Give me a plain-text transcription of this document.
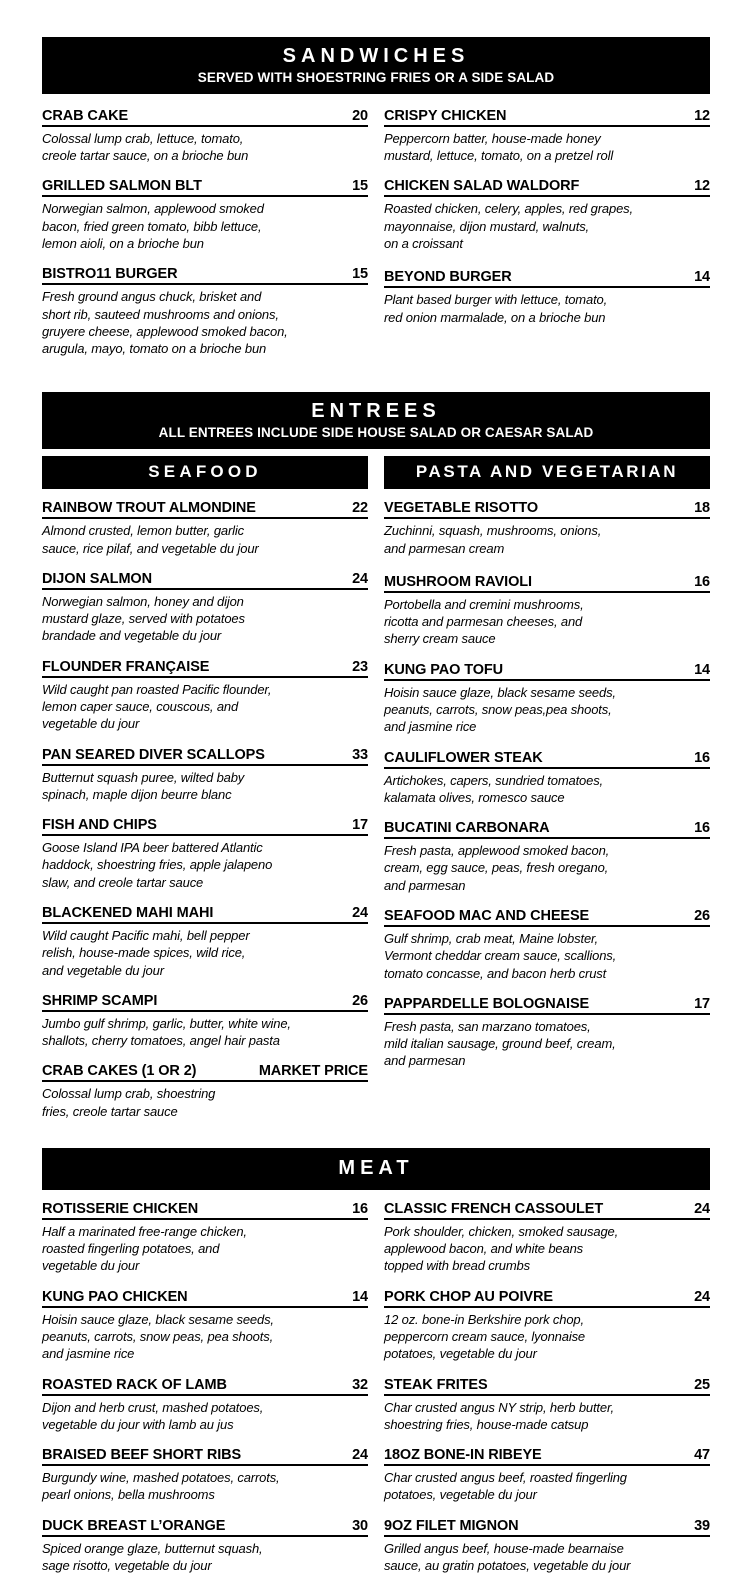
SANDWICHES
SERVED WITH SHOESTRING FRIES OR A SIDE SALAD
CRAB CAKE	20
Colossal lump crab, lettuce, tomato,
creole tartar sauce, on a brioche bun
GRILLED SALMON BLT	15
Norwegian salmon, applewood smoked
bacon, fried green tomato, bibb lettuce,
lemon aioli, on a brioche bun
BISTRO11 BURGER	15
Fresh ground angus chuck, brisket and
short rib, sauteed mushrooms and onions,
gruyere cheese, applewood smoked bacon,
arugula, mayo, tomato on a brioche bun
CRISPY CHICKEN	12
Peppercorn batter, house-made honey
mustard, lettuce, tomato, on a pretzel roll
CHICKEN SALAD WALDORF	12
Roasted chicken, celery, apples, red grapes,
mayonnaise, dijon mustard, walnuts,
on a croissant
BEYOND BURGER	14
Plant based burger with lettuce, tomato,
red onion marmalade, on a brioche bun
ENTREES
ALL ENTREES INCLUDE SIDE HOUSE SALAD OR CAESAR SALAD
SEAFOOD	PASTA AND VEGETARIAN
RAINBOW TROUT ALMONDINE	22
Almond crusted, lemon butter, garlic
sauce, rice pilaf, and vegetable du jour
DIJON SALMON	24
Norwegian salmon, honey and dijon
mustard glaze, served with potatoes
brandade and vegetable du jour
FLOUNDER FRANÇAISE	23
Wild caught pan roasted Pacific flounder,
lemon caper sauce, couscous, and
vegetable du jour
PAN SEARED DIVER SCALLOPS	33
Butternut squash puree, wilted baby
spinach, maple dijon beurre blanc
FISH AND CHIPS	17
Goose Island IPA beer battered Atlantic
haddock, shoestring fries, apple jalapeno
slaw, and creole tartar sauce
BLACKENED MAHI MAHI	24
Wild caught Pacific mahi, bell pepper
relish, house-made spices, wild rice,
and vegetable du jour
SHRIMP SCAMPI	26
Jumbo gulf shrimp, garlic, butter, white wine,
shallots, cherry tomatoes, angel hair pasta
CRAB CAKES (1 OR 2)	MARKET PRICE
Colossal lump crab, shoestring
fries, creole tartar sauce
VEGETABLE RISOTTO	18
Zuchinni, squash, mushrooms, onions,
and parmesan cream
MUSHROOM RAVIOLI	16
Portobella and cremini mushrooms,
ricotta and parmesan cheeses, and
sherry cream sauce
KUNG PAO TOFU	14
Hoisin sauce glaze, black sesame seeds,
peanuts, carrots, snow peas,pea shoots,
and jasmine rice
CAULIFLOWER STEAK	16
Artichokes, capers, sundried tomatoes,
kalamata olives, romesco sauce
BUCATINI CARBONARA	16
Fresh pasta, applewood smoked bacon,
cream, egg sauce, peas, fresh oregano,
and parmesan
SEAFOOD MAC AND CHEESE	26
Gulf shrimp, crab meat, Maine lobster,
Vermont cheddar cream sauce, scallions,
tomato concasse, and bacon herb crust
PAPPARDELLE BOLOGNAISE	17
Fresh pasta, san marzano tomatoes,
mild italian sausage, ground beef, cream,
and parmesan
MEAT
ROTISSERIE CHICKEN	16
Half a marinated free-range chicken,
roasted fingerling potatoes, and
vegetable du jour
KUNG PAO CHICKEN	14
Hoisin sauce glaze, black sesame seeds,
peanuts, carrots, snow peas, pea shoots,
and jasmine rice
ROASTED RACK OF LAMB	32
Dijon and herb crust, mashed potatoes,
vegetable du jour with lamb au jus
BRAISED BEEF SHORT RIBS	24
Burgundy wine, mashed potatoes, carrots,
pearl onions, bella mushrooms
DUCK BREAST L’ORANGE	30
Spiced orange glaze, butternut squash,
sage risotto, vegetable du jour
CLASSIC FRENCH CASSOULET	24
Pork shoulder, chicken, smoked sausage,
applewood bacon, and white beans
topped with bread crumbs
PORK CHOP AU POIVRE	24
12 oz. bone-in Berkshire pork chop,
peppercorn cream sauce, lyonnaise
potatoes, vegetable du jour
STEAK FRITES	25
Char crusted angus NY strip, herb butter,
shoestring fries, house-made catsup
18OZ BONE-IN RIBEYE	47
Char crusted angus beef, roasted fingerling
potatoes, vegetable du jour
9OZ FILET MIGNON	39
Grilled angus beef, house-made bearnaise
sauce, au gratin potatoes, vegetable du jour
